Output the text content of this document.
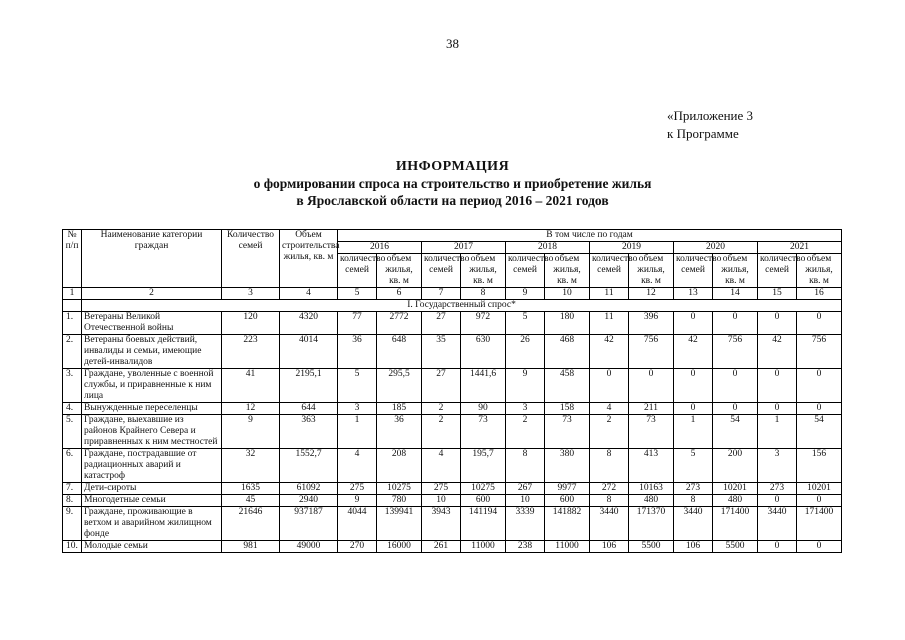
38
«Приложение 3
к Программе
ИНФОРМАЦИЯ
о формировании спроса на строительство и приобретение жилья
в Ярославской области на период 2016 – 2021 годов
№ п/п	Наименование категории граждан	Количество семей	Объем строительства жилья, кв. м	В том числе по годам											
				2016		2017		2018		2019		2020		2021	
				количество семей	объем жилья, кв. м	количество семей	объем жилья, кв. м	количество семей	объем жилья, кв. м	количество семей	объем жилья, кв. м	количество семей	объем жилья, кв. м	количество семей	объем жилья, кв. м
1	2	3	4	5	6	7	8	9	10	11	12	13	14	15	16
	I. Государственный спрос*														
1.	Ветераны Великой Отечественной войны	120	4320	77	2772	27	972	5	180	11	396	0	0	0	0
2.	Ветераны боевых действий, инвалиды и семьи, имеющие детей-инвалидов	223	4014	36	648	35	630	26	468	42	756	42	756	42	756
3.	Граждане, уволенные с военной службы, и приравненные к ним лица	41	2195,1	5	295,5	27	1441,6	9	458	0	0	0	0	0	0
4.	Вынужденные переселенцы	12	644	3	185	2	90	3	158	4	211	0	0	0	0
5.	Граждане, выехавшие из районов Крайнего Севера и приравненных к ним местностей	9	363	1	36	2	73	2	73	2	73	1	54	1	54
6.	Граждане, пострадавшие от радиационных аварий и катастроф	32	1552,7	4	208	4	195,7	8	380	8	413	5	200	3	156
7.	Дети-сироты	1635	61092	275	10275	275	10275	267	9977	272	10163	273	10201	273	10201
8.	Многодетные семьи	45	2940	9	780	10	600	10	600	8	480	8	480	0	0
9.	Граждане, проживающие в ветхом и аварийном жилищном фонде	21646	937187	4044	139941	3943	141194	3339	141882	3440	171370	3440	171400	3440	171400
10.	Молодые семьи	981	49000	270	16000	261	11000	238	11000	106	5500	106	5500	0	0
